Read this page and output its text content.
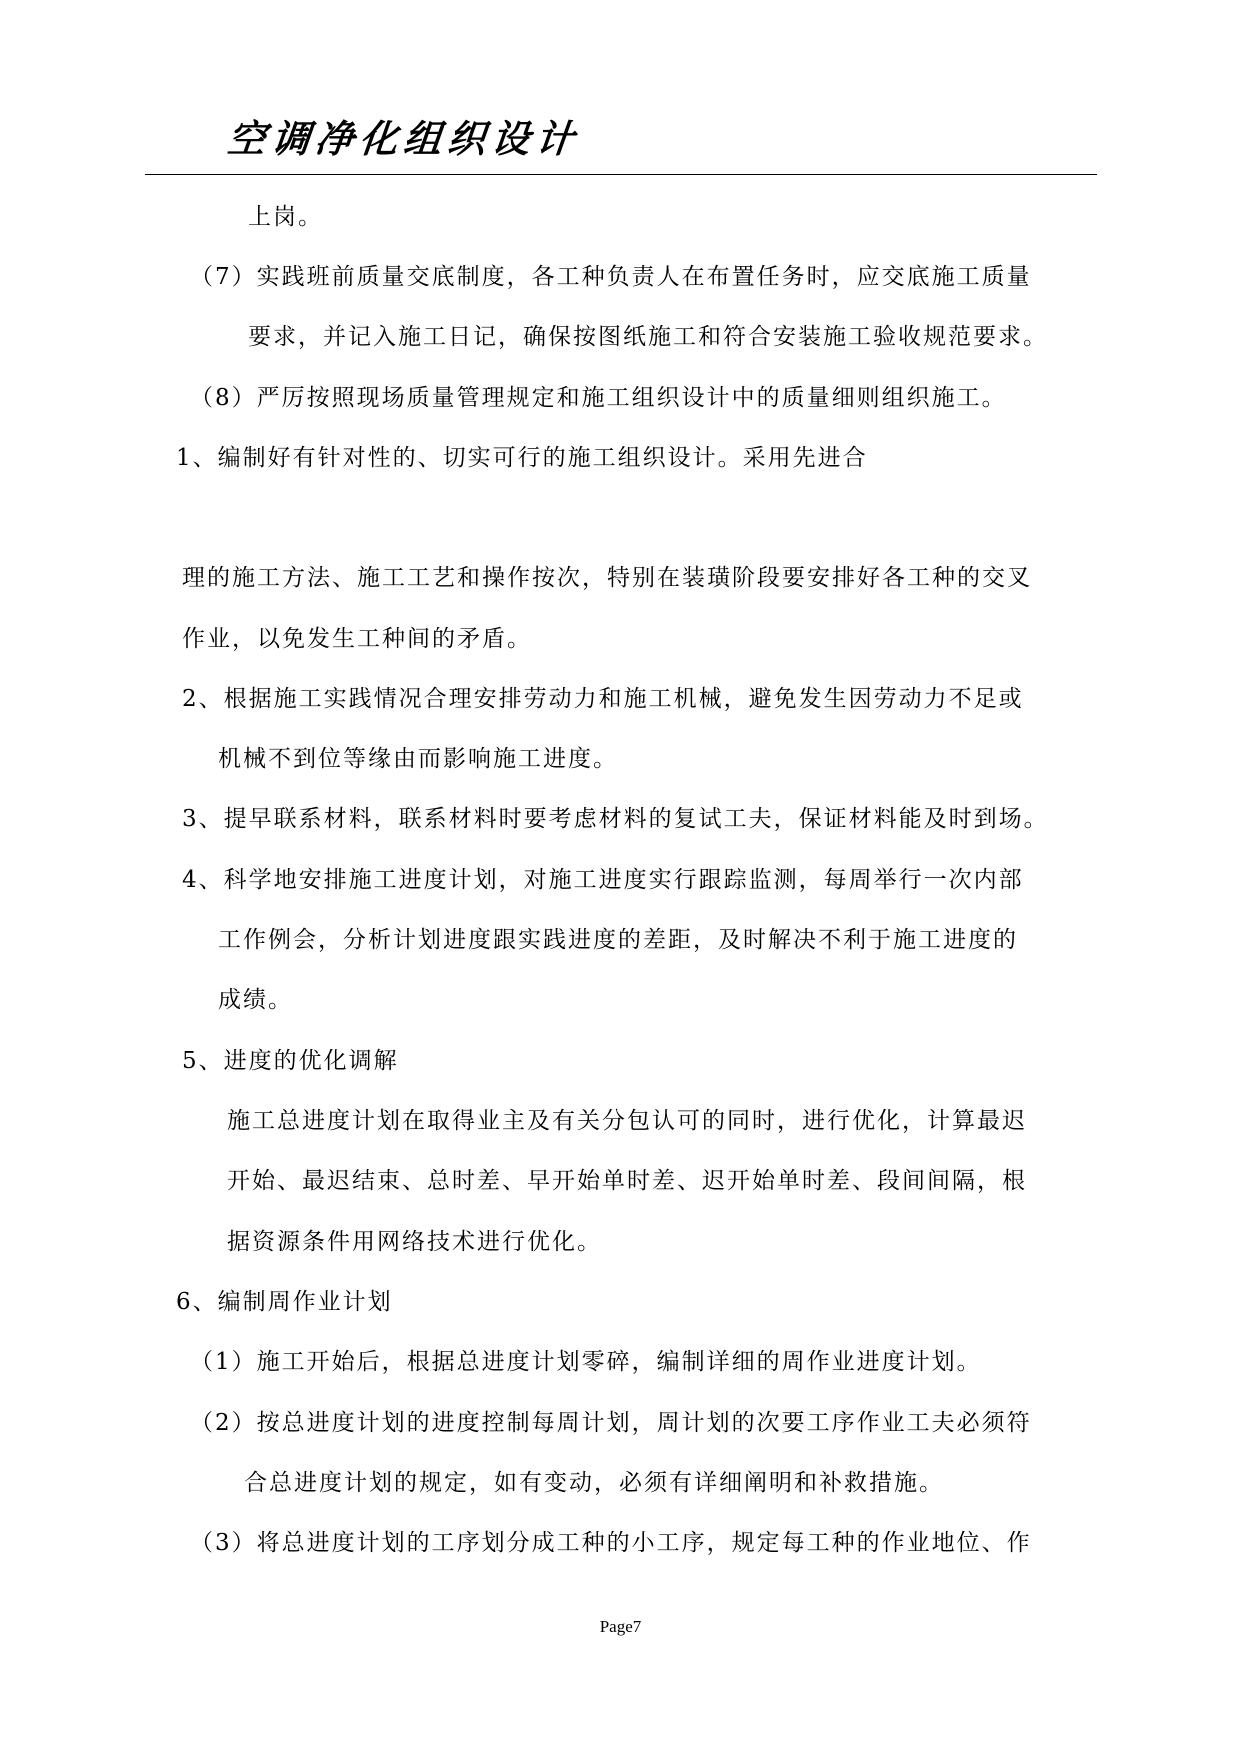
空调净化组织设计
上岗。
（7）实践班前质量交底制度，各工种负责人在布置任务时，应交底施工质量
要求，并记入施工日记，确保按图纸施工和符合安装施工验收规范要求。
（8）严厉按照现场质量管理规定和施工组织设计中的质量细则组织施工。
1、编制好有针对性的、切实可行的施工组织设计。采用先进合
理的施工方法、施工工艺和操作按次，特别在装璜阶段要安排好各工种的交叉
作业，以免发生工种间的矛盾。
2、根据施工实践情况合理安排劳动力和施工机械，避免发生因劳动力不足或
机械不到位等缘由而影响施工进度。
3、提早联系材料，联系材料时要考虑材料的复试工夫，保证材料能及时到场。
4、科学地安排施工进度计划，对施工进度实行跟踪监测，每周举行一次内部
工作例会，分析计划进度跟实践进度的差距，及时解决不利于施工进度的
成绩。
5、进度的优化调解
施工总进度计划在取得业主及有关分包认可的同时，进行优化，计算最迟
开始、最迟结束、总时差、早开始单时差、迟开始单时差、段间间隔，根
据资源条件用网络技术进行优化。
6、编制周作业计划
（1）施工开始后，根据总进度计划零碎，编制详细的周作业进度计划。
（2）按总进度计划的进度控制每周计划，周计划的次要工序作业工夫必须符
合总进度计划的规定，如有变动，必须有详细阐明和补救措施。
（3）将总进度计划的工序划分成工种的小工序，规定每工种的作业地位、作
Page7
